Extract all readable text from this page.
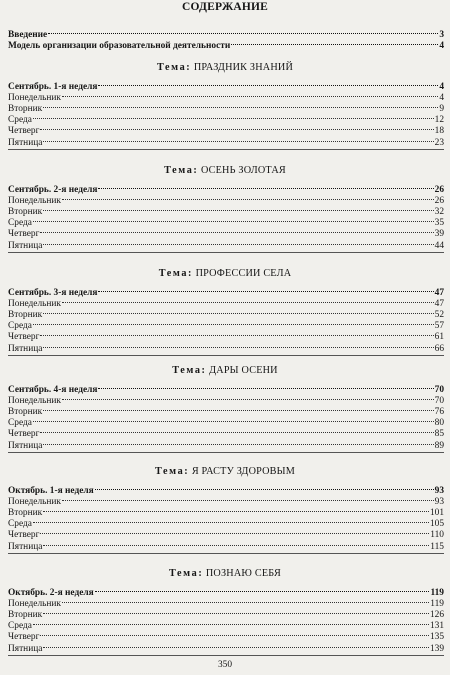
СОДЕРЖАНИЕ
Введение	3
Модель организации образовательной деятельности	4
Тема: ПРАЗДНИК ЗНАНИЙ
Сентябрь. 1-я неделя	4
Понедельник	4
Вторник	9
Среда	12
Четверг	18
Пятница	23
Тема: ОСЕНЬ ЗОЛОТАЯ
Сентябрь. 2-я неделя	26
Понедельник	26
Вторник	32
Среда	35
Четверг	39
Пятница	44
Тема: ПРОФЕССИИ СЕЛА
Сентябрь. 3-я неделя	47
Понедельник	47
Вторник	52
Среда	57
Четверг	61
Пятница	66
Тема: ДАРЫ ОСЕНИ
Сентябрь. 4-я неделя	70
Понедельник	70
Вторник	76
Среда	80
Четверг	85
Пятница	89
Тема: Я РАСТУ ЗДОРОВЫМ
Октябрь. 1-я неделя	93
Понедельник	93
Вторник	101
Среда	105
Четверг	110
Пятница	115
Тема: ПОЗНАЮ СЕБЯ
Октябрь. 2-я неделя	119
Понедельник	119
Вторник	126
Среда	131
Четверг	135
Пятница	139
350
